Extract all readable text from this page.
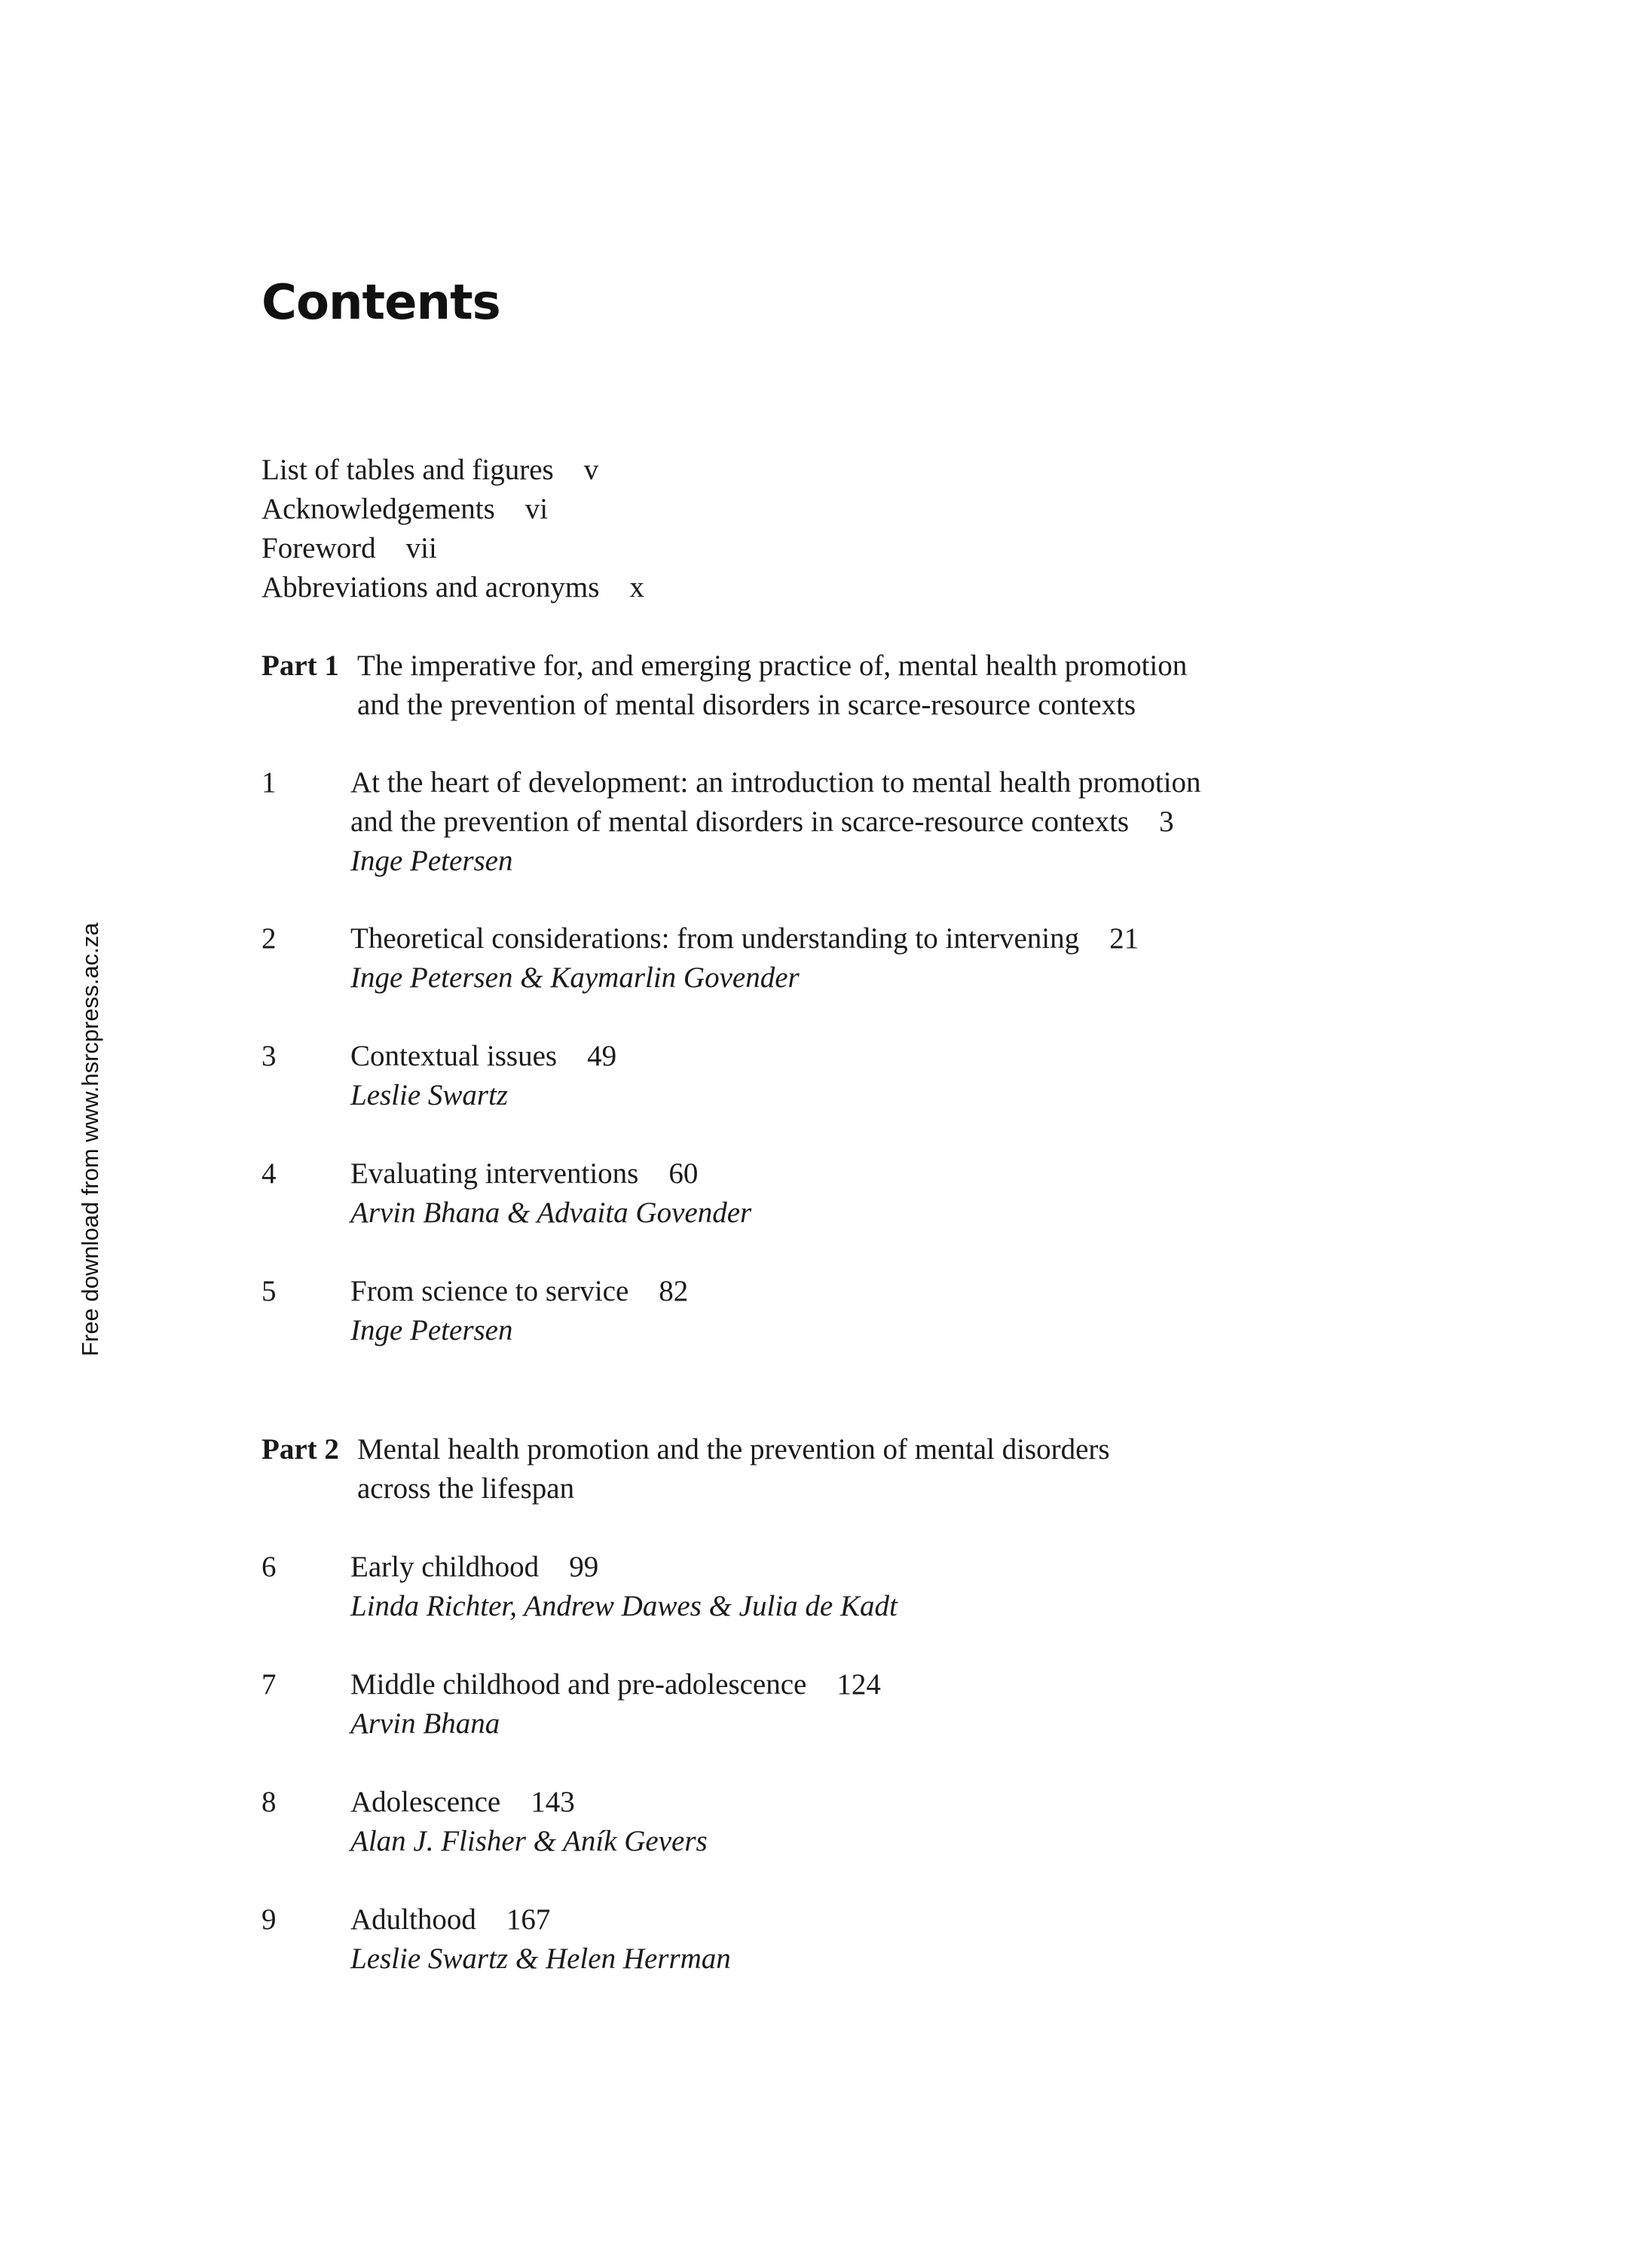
Free download from www.hsrcpress.ac.za
Contents
List of tables and figures v
Acknowledgements vi
Foreword vii
Abbreviations and acronyms x
Part 1 The imperative for, and emerging practice of, mental health promotion
and the prevention of mental disorders in scarce-resource contexts
1	At the heart of development: an introduction to mental health promotion
and the prevention of mental disorders in scarce-resource contexts 3
Inge Petersen
2	Theoretical considerations: from understanding to intervening 21
Inge Petersen & Kaymarlin Govender
3	Contextual issues 49
Leslie Swartz
4	Evaluating interventions 60
Arvin Bhana & Advaita Govender
5	From science to service 82
Inge Petersen
Part 2 Mental health promotion and the prevention of mental disorders
across the lifespan
6	Early childhood 99
Linda Richter, Andrew Dawes & Julia de Kadt
7	Middle childhood and pre-adolescence 124
Arvin Bhana
8	Adolescence 143
Alan J. Flisher & Aník Gevers
9	Adulthood 167
Leslie Swartz & Helen Herrman
